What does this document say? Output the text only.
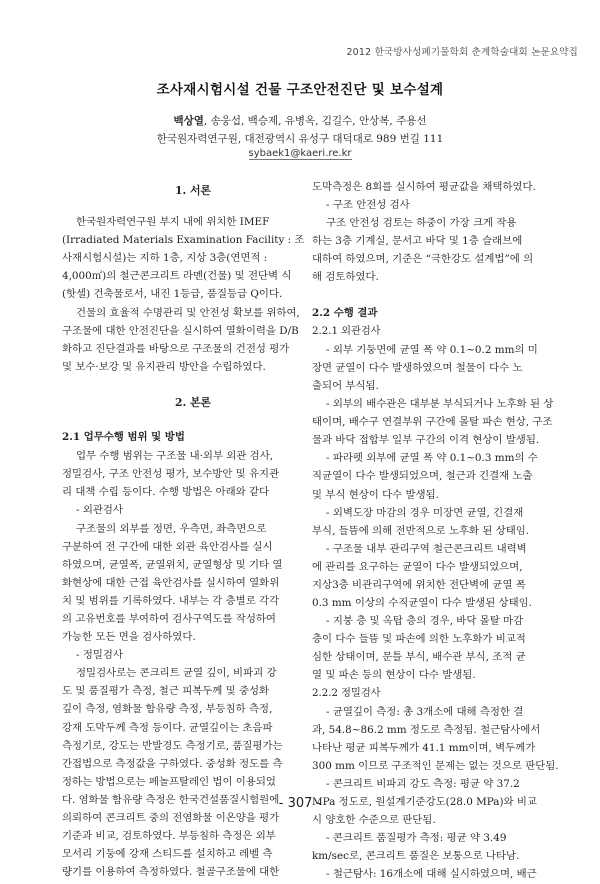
2012 한국방사성폐기물학회 춘계학술대회 논문요약집
조사재시험시설 건물 구조안전진단 및 보수설계
백상열, 송웅섭, 백승제, 유병옥, 김길수, 안상복, 주용선
한국원자력연구원, 대전광역시 유성구 대덕대로 989 번길 111
sybaek1@kaeri.re.kr
1. 서론

한국원자력연구원 부지 내에 위치한 IMEF

(Irradiated Materials Examination Facility : 조

사재시험시설)는 지하 1층, 지상 3층(연면적 :

4,000㎡)의 철근콘크리트 라멘(건물) 및 전단벽 식

(핫셀) 건축물로서, 내진 1등급, 품질등급 Q이다.

건물의 효율적 수명관리 및 안전성 확보를 위하여,

구조물에 대한 안전진단을 실시하여 열화이력을 D/B

화하고 진단결과를 바탕으로 구조물의 건전성 평가

및 보수·보강 및 유지관리 방안을 수립하였다.

2. 본론
2.1 업무수행 범위 및 방법

업무 수행 범위는 구조물 내·외부 외관 검사,

정밀검사, 구조 안전성 평가, 보수방안 및 유지관

리 대책 수립 등이다. 수행 방법은 아래와 같다

- 외관검사

구조물의 외부를 정면, 우측면, 좌측면으로

구분하여 전 구간에 대한 외관 육안검사를 실시

하였으며, 균열폭, 균열위치, 균열형상 및 기타 열

화현상에 대한 근접 육안검사를 실시하여 열화위

치 및 범위를 기록하였다. 내부는 각 층별로 각각

의 고유번호를 부여하여 검사구역도를 작성하여

가능한 모든 면을 검사하였다.

- 정밀검사

정밀검사로는 콘크리트 균열 깊이, 비파괴 강

도 및 품질평가 측정, 철근 피복두께 및 중성화

깊이 측정, 염화물 함유량 측정, 부등침하 측정,

강재 도막두께 측정 등이다. 균열깊이는 초음파

측정기로, 강도는 반발경도 측정기로, 품질평가는

간접법으로 측정값을 구하였다. 중성화 정도를 측

정하는 방법으로는 페놀프탈레인 법이 이용되었

다. 염화물 함유량 측정은 한국건설품질시험원에

의뢰하여 콘크리트 중의 전염화물 이온양을 평가

기준과 비교, 검토하였다. 부등침하 측정은 외부

모서리 기둥에 강재 스티드를 설치하고 레벨 측

량기를 이용하여 측정하였다. 철골구조물에 대한

도막측정은 8회를 실시하여 평균값을 채택하였다.

- 구조 안전성 검사

구조 안전성 검토는 하중이 가장 크게 작용

하는 3층 기계실, 문서고 바닥 및 1층 슬래브에

대하여 하였으며, 기준은 “극한강도 설계법”에 의

해 검토하였다.

2.2 수행 결과
2.2.1 외관검사

- 외부 기둥면에 균열 폭 약 0.1~0.2 mm의 미

장면 균열이 다수 발생하였으며 철물이 다수 노

출되어 부식됨.

- 외부의 배수관은 대부분 부식되거나 노후화 된 상

태이며, 배수구 연결부위 구간에 몰탈 파손 현상, 구조

물과 바닥 접합부 일부 구간의 이격 현상이 발생됨.

- 파라펫 외부에 균열 폭 약 0.1~0.3 mm의 수

직균열이 다수 발생되었으며, 철근과 긴결재 노출

및 부식 현상이 다수 발생됨.

- 외벽도장 마감의 경우 미장면 균열, 긴결재

부식, 들뜸에 의해 전반적으로 노후화 된 상태임.

- 구조물 내부 관리구역 철근콘크리트 내력벽

에 관리를 요구하는 균열이 다수 발생되었으며,

지상3층 비관리구역에 위치한 전단벽에 균열 폭

0.3 mm 이상의 수직균열이 다수 발생된 상태임.

- 지붕 층 및 옥탑 층의 경우, 바닥 몰탈 마감

층이 다수 들뜸 및 파손에 의한 노후화가 비교적

심한 상태이며, 문틀 부식, 배수관 부식, 조적 균

열 및 파손 등의 현상이 다수 발생됨.

2.2.2 정밀검사

- 균열깊이 측정: 총 3개소에 대해 측정한 결

과, 54.8~86.2 mm 정도로 측정됨. 철근탐사에서

나타난 평균 피복두께가 41.1 mm이며, 벽두께가

300 mm 이므로 구조적인 문제는 없는 것으로 판단됨.

- 콘크리트 비파괴 강도 측정: 평균 약 37.2

MPa 정도로, 원설계기준강도(28.0 MPa)와 비교

시 양호한 수준으로 판단됨.

- 콘크리트 품질평가 측정: 평균 약 3.49

km/sec로, 콘크리트 품질은 보통으로 나타남.

- 철근탐사: 16개소에 대해 실시하였으며, 배근

- 307 -
